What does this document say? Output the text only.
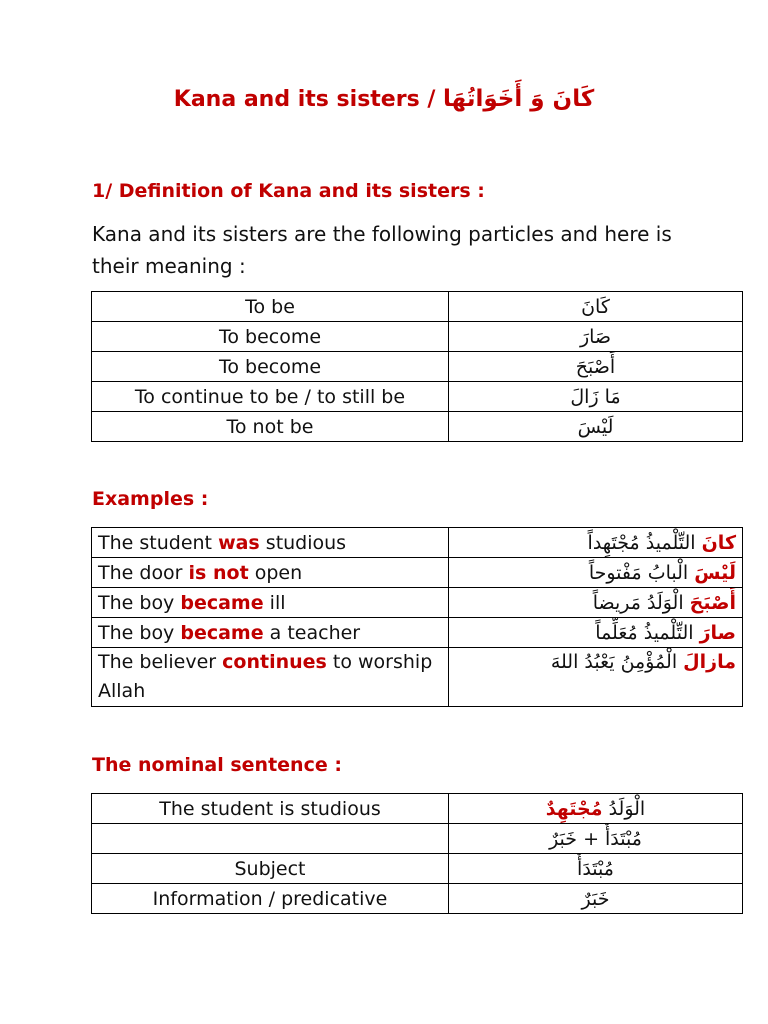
Kana and its sisters / كَانَ وَ أَخَوَاتُهَا
1/ Definition of Kana and its sisters :
Kana and its sisters are the following particles and here is their meaning :
To be	كَانَ
To become	صَارَ
To become	أَصْبَحَ
To continue to be / to still be	مَا زَالَ
To not be	لَيْسَ
Examples :
The student was studious	كانَ التِّلْميذُ مُجْتَهِداً
The door is not open	لَيْسَ الْبابُ مَفْتوحاً
The boy became ill	أَصْبَحَ الْوَلَدُ مَريضاً
The boy became a teacher	صارَ التِّلْميذُ مُعَلِّماً
The believer continues to worship Allah	مازالَ الْمُؤْمِنُ يَعْبُدُ اللهَ
The nominal sentence :
The student is studious	الْوَلَدُ مُجْتَهِدٌ
	مُبْتَدَأٌ + خَبَرٌ
Subject	مُبْتَدَأٌ
Information / predicative	خَبَرٌ
